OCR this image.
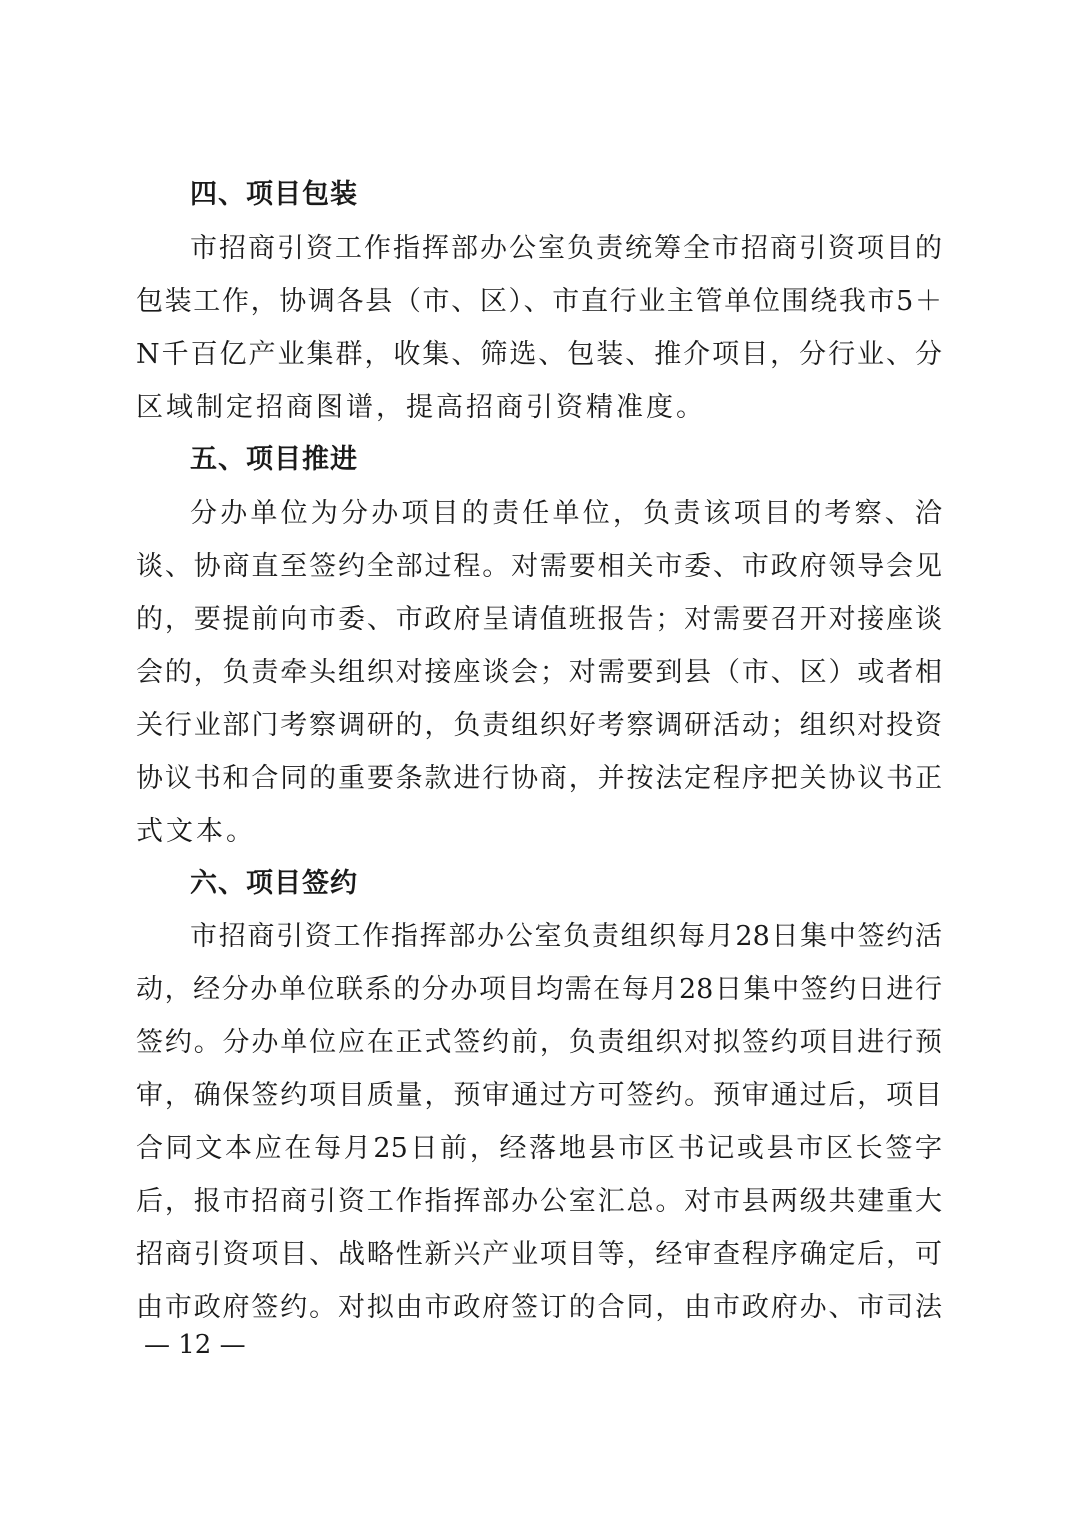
四、项目包装

市招商引资工作指挥部办公室负责统筹全市招商引资项目的

包装工作，协调各县（市、区）、市直行业主管单位围绕我市5＋

N千百亿产业集群，收集、筛选、包装、推介项目，分行业、分

区域制定招商图谱，提高招商引资精准度。

五、项目推进

分办单位为分办项目的责任单位，负责该项目的考察、洽

谈、协商直至签约全部过程。对需要相关市委、市政府领导会见

的，要提前向市委、市政府呈请值班报告；对需要召开对接座谈

会的，负责牵头组织对接座谈会；对需要到县（市、区）或者相

关行业部门考察调研的，负责组织好考察调研活动；组织对投资

协议书和合同的重要条款进行协商，并按法定程序把关协议书正

式文本。

六、项目签约

市招商引资工作指挥部办公室负责组织每月28日集中签约活

动，经分办单位联系的分办项目均需在每月28日集中签约日进行

签约。分办单位应在正式签约前，负责组织对拟签约项目进行预

审，确保签约项目质量，预审通过方可签约。预审通过后，项目

合同文本应在每月25日前，经落地县市区书记或县市区长签字

后，报市招商引资工作指挥部办公室汇总。对市县两级共建重大

招商引资项目、战略性新兴产业项目等，经审查程序确定后，可

由市政府签约。对拟由市政府签订的合同，由市政府办、市司法

— 12 —
